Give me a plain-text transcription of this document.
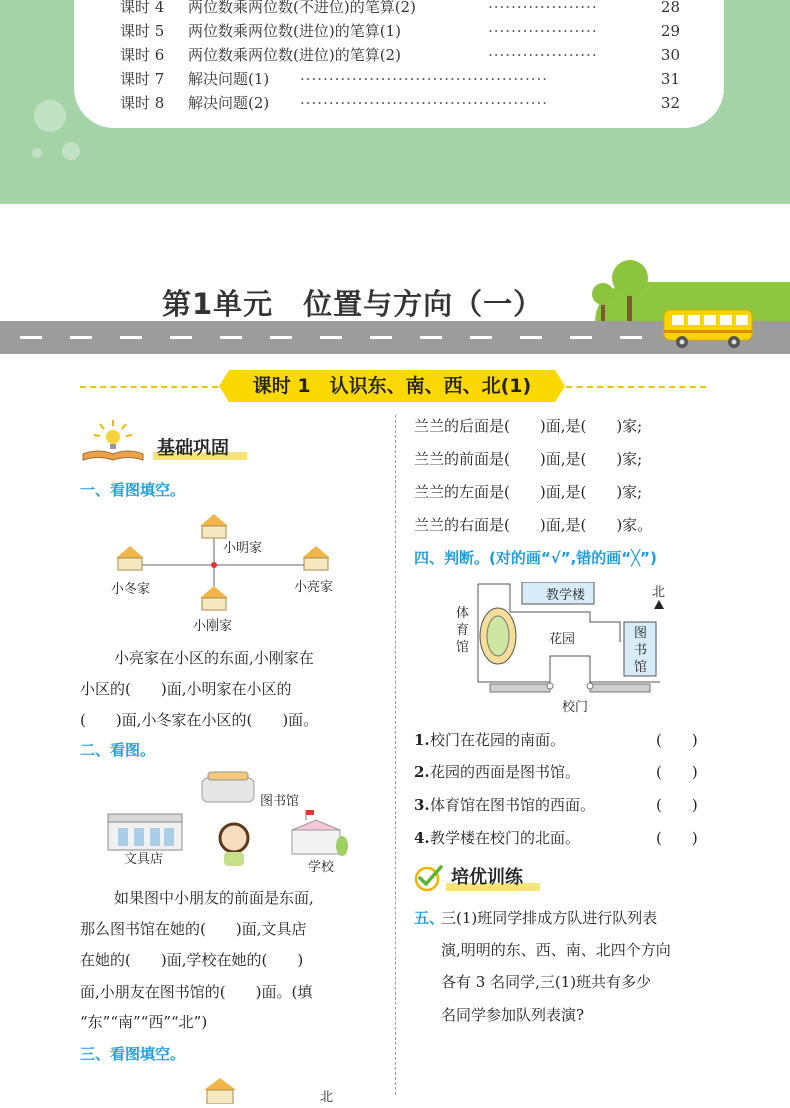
课时 4 两位数乘两位数(不进位)的笔算(2)	···················	28
课时 5 两位数乘两位数(进位)的笔算(1)	···················	29
课时 6 两位数乘两位数(进位)的笔算(2)	···················	30
课时 7 解决问题(1) ···········································	31
课时 8 解决问题(2) ···········································	32
第1单元　位置与方向（一）
课时 1　认识东、南、西、北(1)
基础巩固
一、看图填空。
小明家
小冬家	小亮家
小刚家
小亮家在小区的东面,小刚家在
小区的(　　)面,小明家在小区的
(　　)面,小冬家在小区的(　　)面。
二、看图。
图书馆
文具店
学校
如果图中小朋友的前面是东面,
那么图书馆在她的(　　)面,文具店
在她的(　　)面,学校在她的(　　)
面,小朋友在图书馆的(　　)面。(填
“东”“南”“西”“北”)
三、看图填空。
北
兰兰的后面是(　　)面,是(　　)家;
兰兰的前面是(　　)面,是(　　)家;
兰兰的左面是(　　)面,是(　　)家;
兰兰的右面是(　　)面,是(　　)家。
四、判断。(对的画“√”,错的画“╳”)
教学楼	北
体育馆
花园	图书馆
校门
1. 校门在花园的南面。	(　　)
2. 花园的西面是图书馆。	(　　)
3. 体育馆在图书馆的西面。	(　　)
4. 教学楼在校门的北面。	(　　)
培优训练
五、
三(1)班同学排成方队进行队列表
演,明明的东、西、南、北四个方向
各有 3 名同学,三(1)班共有多少
名同学参加队列表演?
